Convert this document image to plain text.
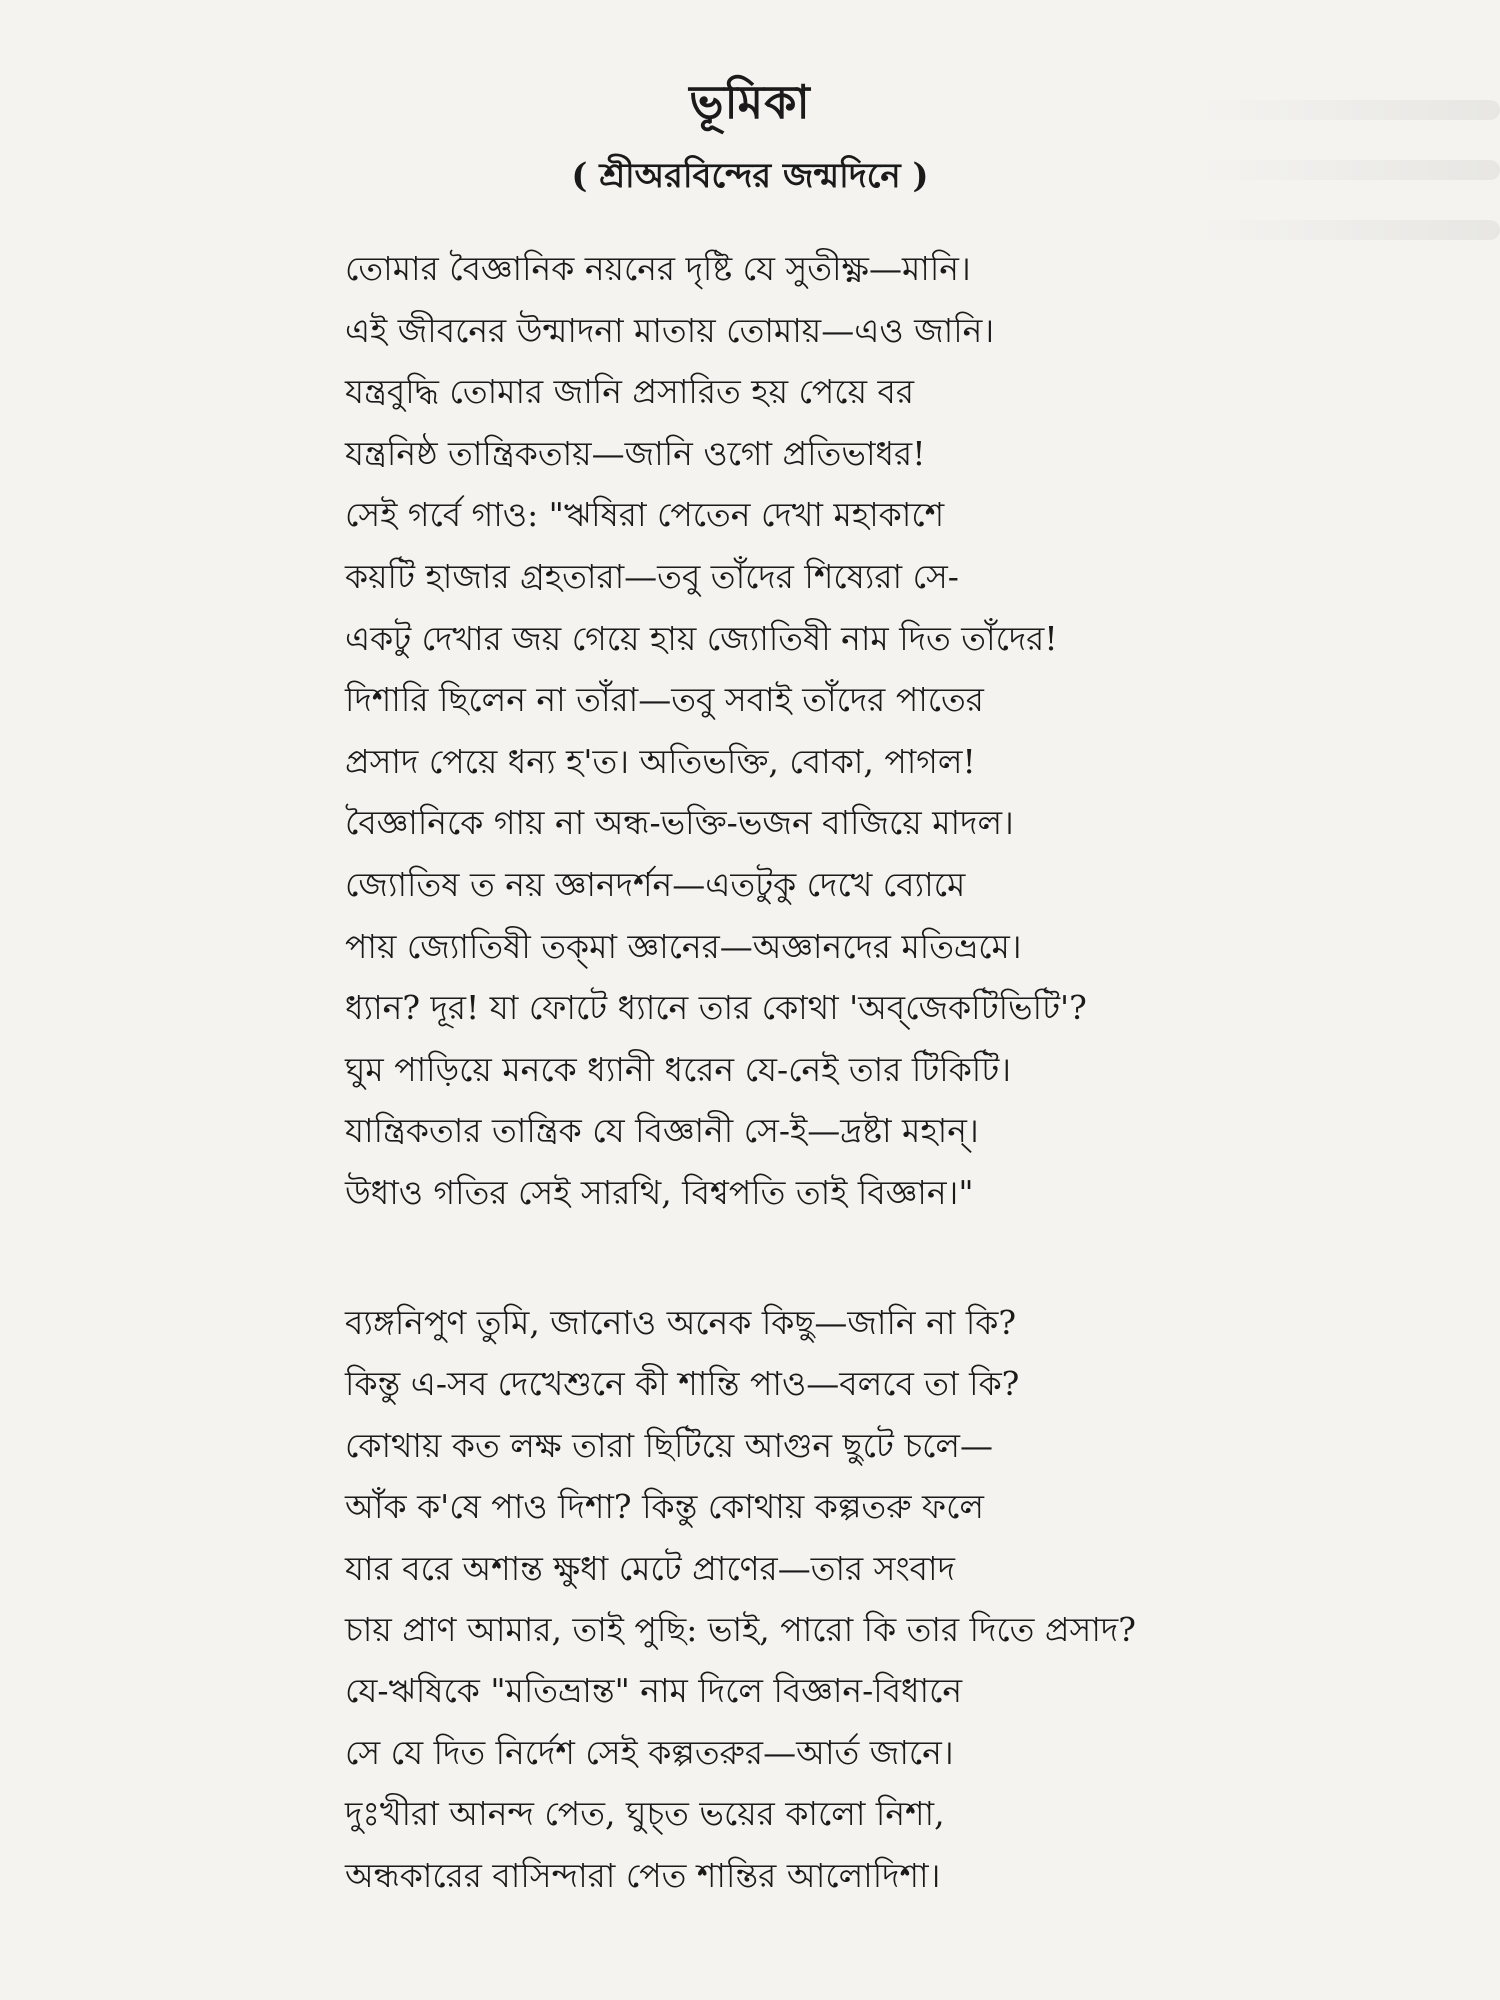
ভূমিকা
( শ্রীঅরবিন্দের জন্মদিনে )
তোমার বৈজ্ঞানিক নয়নের দৃষ্টি যে সুতীক্ষ্ণ—মানি।
এই জীবনের উন্মাদনা মাতায় তোমায়—এও জানি।
যন্ত্রবুদ্ধি তোমার জানি প্রসারিত হয় পেয়ে বর
যন্ত্রনিষ্ঠ তান্ত্রিকতায়—জানি ওগো প্রতিভাধর!
সেই গর্বে গাও: "ঋষিরা পেতেন দেখা মহাকাশে
কয়টি হাজার গ্রহতারা—তবু তাঁদের শিষ্যেরা সে-
একটু দেখার জয় গেয়ে হায় জ্যোতিষী নাম দিত তাঁদের!
দিশারি ছিলেন না তাঁরা—তবু সবাই তাঁদের পাতের
প্রসাদ পেয়ে ধন্য হ'ত। অতিভক্তি, বোকা, পাগল!
বৈজ্ঞানিকে গায় না অন্ধ-ভক্তি-ভজন বাজিয়ে মাদল।
জ্যোতিষ ত নয় জ্ঞানদর্শন—এতটুকু দেখে ব্যোমে
পায় জ্যোতিষী তক্‌মা জ্ঞানের—অজ্ঞানদের মতিভ্রমে।
ধ্যান? দূর! যা ফোটে ধ্যানে তার কোথা 'অব্‌জেকটিভিটি'?
ঘুম পাড়িয়ে মনকে ধ্যানী ধরেন যে-নেই তার টিকিটি।
যান্ত্রিকতার তান্ত্রিক যে বিজ্ঞানী সে-ই—দ্রষ্টা মহান্‌।
উধাও গতির সেই সারথি, বিশ্বপতি তাই বিজ্ঞান।"
ব্যঙ্গনিপুণ তুমি, জানোও অনেক কিছু—জানি না কি?
কিন্তু এ-সব দেখেশুনে কী শান্তি পাও—বলবে তা কি?
কোথায় কত লক্ষ তারা ছিটিয়ে আগুন ছুটে চলে—
আঁক ক'ষে পাও দিশা? কিন্তু কোথায় কল্পতরু ফলে
যার বরে অশান্ত ক্ষুধা মেটে প্রাণের—তার সংবাদ
চায় প্রাণ আমার, তাই পুছি: ভাই, পারো কি তার দিতে প্রসাদ?
যে-ঋষিকে "মতিভ্রান্ত" নাম দিলে বিজ্ঞান-বিধানে
সে যে দিত নির্দেশ সেই কল্পতরুর—আর্ত জানে।
দুঃখীরা আনন্দ পেত, ঘুচ্‌ত ভয়ের কালো নিশা,
অন্ধকারের বাসিন্দারা পেত শান্তির আলোদিশা।
